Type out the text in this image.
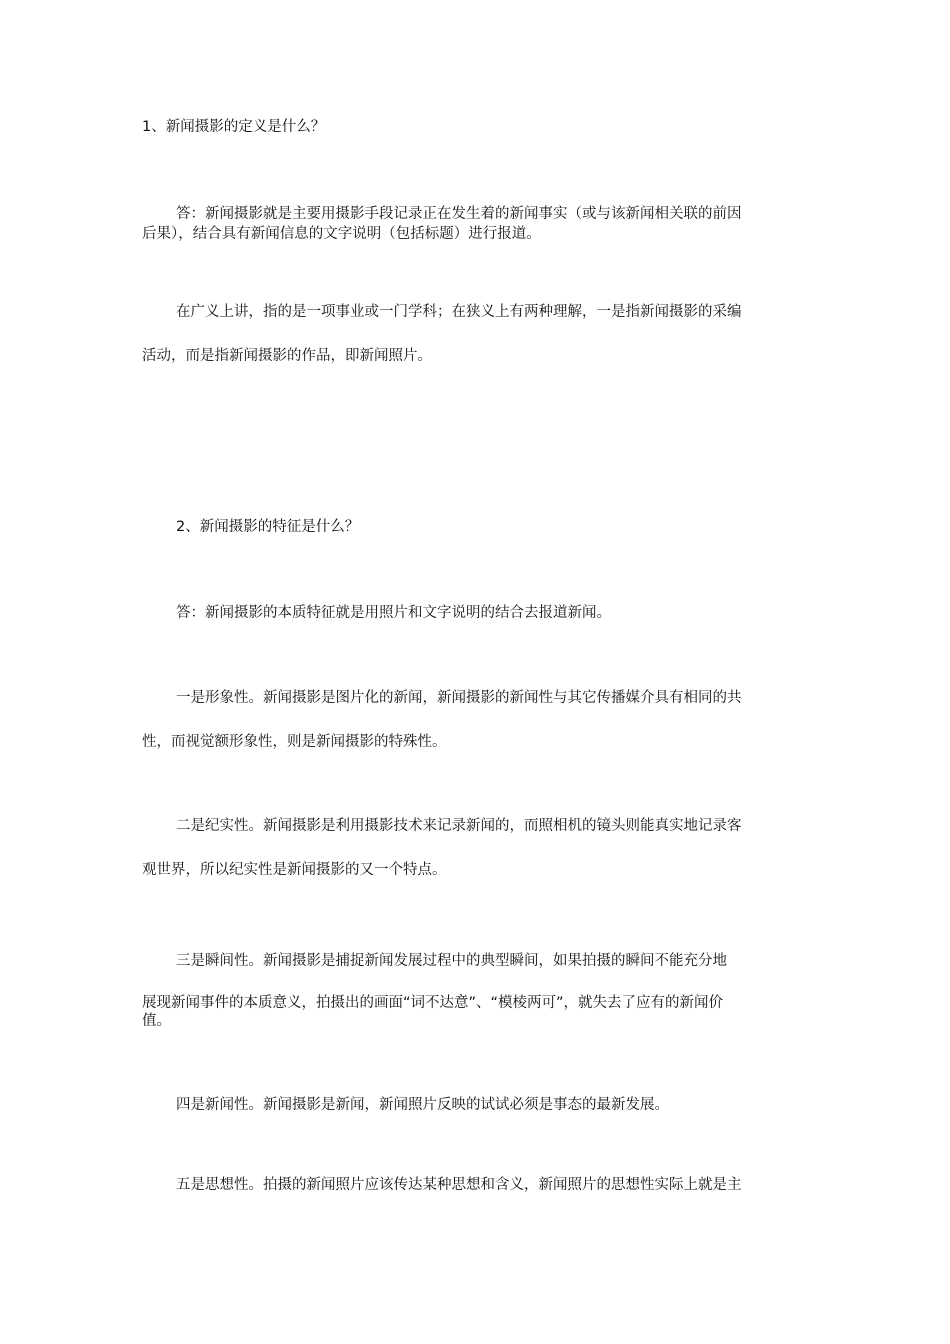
1、新闻摄影的定义是什么？
答：新闻摄影就是主要用摄影手段记录正在发生着的新闻事实（或与该新闻相关联的前因
后果），结合具有新闻信息的文字说明（包括标题）进行报道。
在广义上讲，指的是一项事业或一门学科；在狭义上有两种理解，一是指新闻摄影的采编
活动，而是指新闻摄影的作品，即新闻照片。
2、新闻摄影的特征是什么？
答：新闻摄影的本质特征就是用照片和文字说明的结合去报道新闻。
一是形象性。新闻摄影是图片化的新闻，新闻摄影的新闻性与其它传播媒介具有相同的共
性，而视觉额形象性，则是新闻摄影的特殊性。
二是纪实性。新闻摄影是利用摄影技术来记录新闻的，而照相机的镜头则能真实地记录客
观世界，所以纪实性是新闻摄影的又一个特点。
三是瞬间性。新闻摄影是捕捉新闻发展过程中的典型瞬间，如果拍摄的瞬间不能充分地
展现新闻事件的本质意义，拍摄出的画面“词不达意”、“模棱两可”，就失去了应有的新闻价
值。
四是新闻性。新闻摄影是新闻，新闻照片反映的试试必须是事态的最新发展。
五是思想性。拍摄的新闻照片应该传达某种思想和含义，新闻照片的思想性实际上就是主
